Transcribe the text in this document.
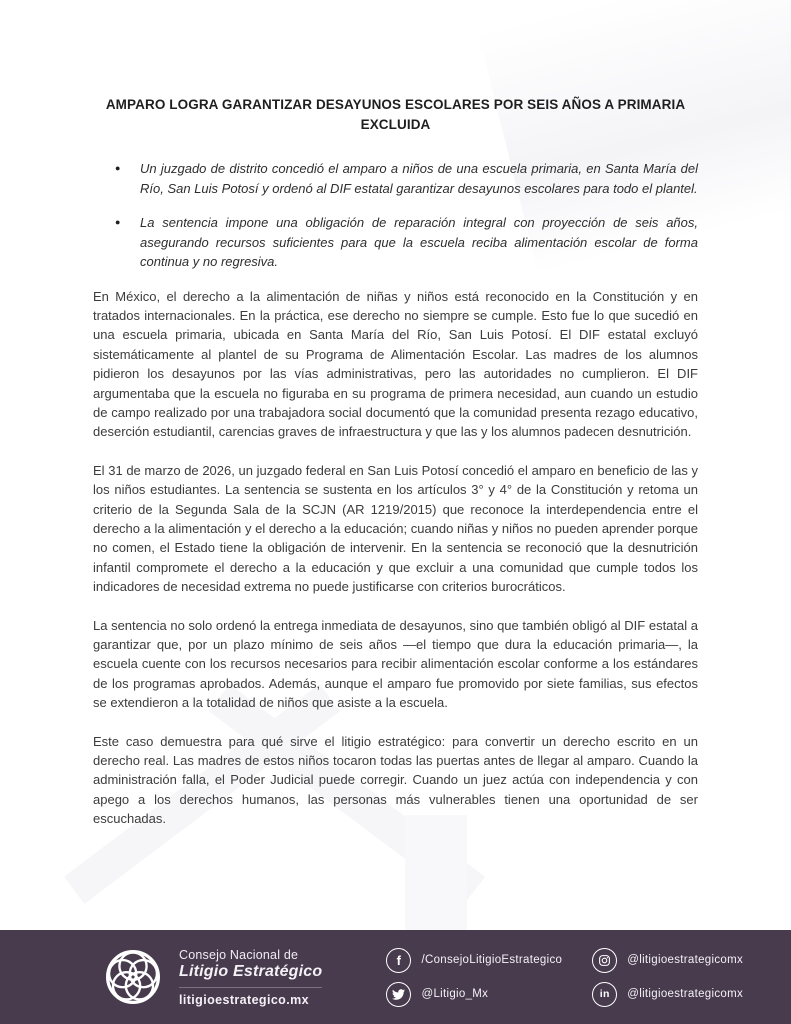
AMPARO LOGRA GARANTIZAR DESAYUNOS ESCOLARES POR SEIS AÑOS A PRIMARIA EXCLUIDA
●	Un juzgado de distrito concedió el amparo a niños de una escuela primaria, en Santa María del Río, San Luis Potosí y ordenó al DIF estatal garantizar desayunos escolares para todo el plantel.

●	La sentencia impone una obligación de reparación integral con proyección de seis años, asegurando recursos suficientes para que la escuela reciba alimentación escolar de forma continua y no regresiva.

En México, el derecho a la alimentación de niñas y niños está reconocido en la Constitución y en tratados internacionales. En la práctica, ese derecho no siempre se cumple. Esto fue lo que sucedió en una escuela primaria, ubicada en Santa María del Río, San Luis Potosí. El DIF estatal excluyó sistemáticamente al plantel de su Programa de Alimentación Escolar. Las madres de los alumnos pidieron los desayunos por las vías administrativas, pero las autoridades no cumplieron. El DIF argumentaba que la escuela no figuraba en su programa de primera necesidad, aun cuando un estudio de campo realizado por una trabajadora social documentó que la comunidad presenta rezago educativo, deserción estudiantil, carencias graves de infraestructura y que las y los alumnos padecen desnutrición.

El 31 de marzo de 2026, un juzgado federal en San Luis Potosí concedió el amparo en beneficio de las y los niños estudiantes. La sentencia se sustenta en los artículos 3° y 4° de la Constitución y retoma un criterio de la Segunda Sala de la SCJN (AR 1219/2015) que reconoce la interdependencia entre el derecho a la alimentación y el derecho a la educación; cuando niñas y niños no pueden aprender porque no comen, el Estado tiene la obligación de intervenir. En la sentencia se reconoció que la desnutrición infantil compromete el derecho a la educación y que excluir a una comunidad que cumple todos los indicadores de necesidad extrema no puede justificarse con criterios burocráticos.

La sentencia no solo ordenó la entrega inmediata de desayunos, sino que también obligó al DIF estatal a garantizar que, por un plazo mínimo de seis años —el tiempo que dura la educación primaria—, la escuela cuente con los recursos necesarios para recibir alimentación escolar conforme a los estándares de los programas aprobados. Además, aunque el amparo fue promovido por siete familias, sus efectos se extendieron a la totalidad de niños que asiste a la escuela.

Este caso demuestra para qué sirve el litigio estratégico: para convertir un derecho escrito en un derecho real. Las madres de estos niños tocaron todas las puertas antes de llegar al amparo. Cuando la administración falla, el Poder Judicial puede corregir. Cuando un juez actúa con independencia y con apego a los derechos humanos, las personas más vulnerables tienen una oportunidad de ser escuchadas.

Consejo Nacional de
Litigio Estratégico
litigioestrategico.mx
f /ConsejoLitigioEstrategico
@Litigio_Mx
@litigioestrategicomx
in @litigioestrategicomx
